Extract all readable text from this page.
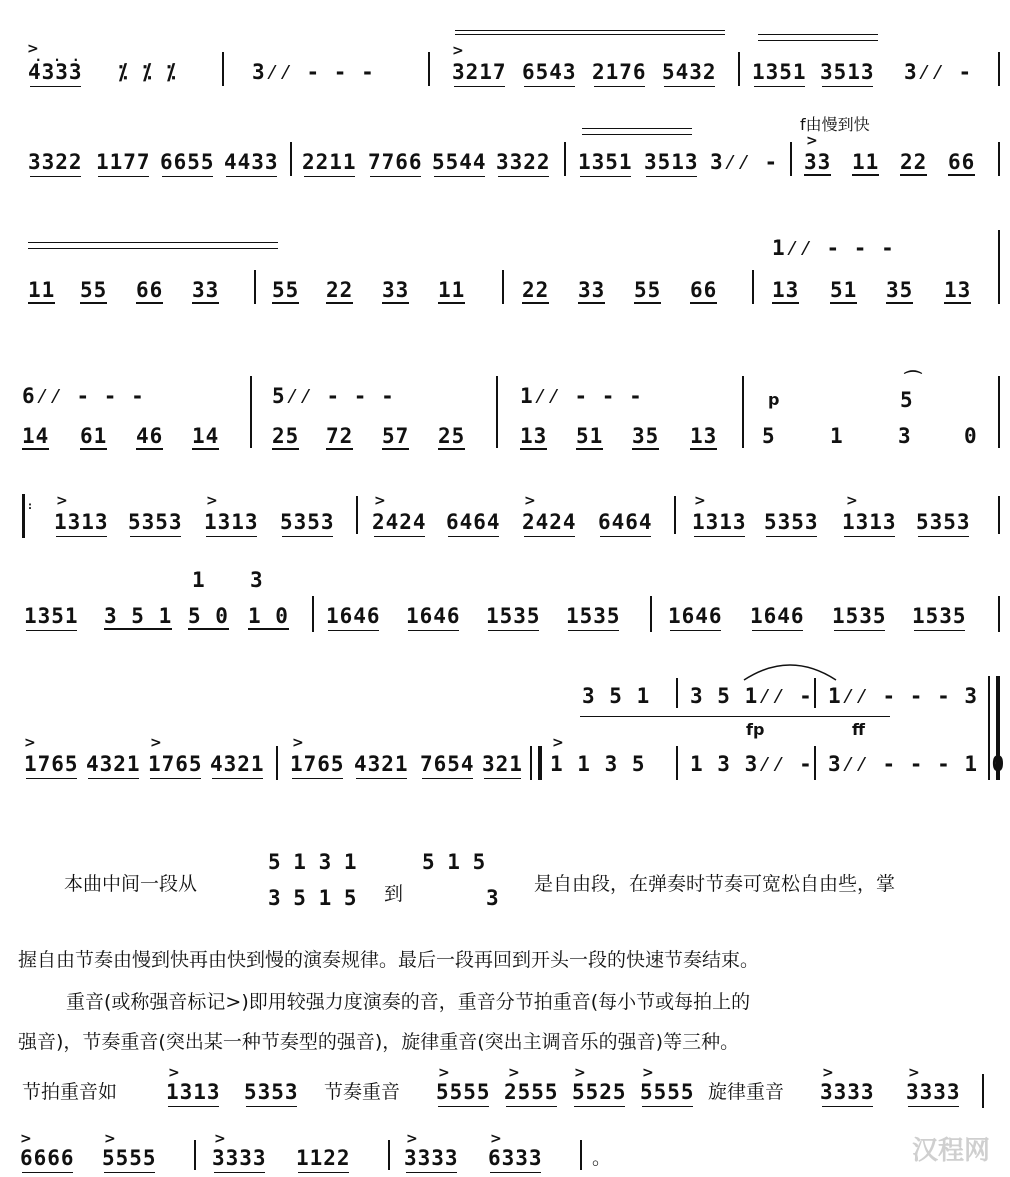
>
. . .
4333 ⁒ ⁒ ⁒	3⁄⁄ - - -
>
3217 6543 2176 5432 1351 3513 3⁄⁄ -
f由慢到快
3322 1177 6655 4433 2211 7766 5544 3322 1351 3513 3⁄⁄ -
>
33 11 22 66
1⁄⁄ - - -
11 55 66 33	55 22 33 11	22 33 55 66	13 51 35 13
6⁄⁄ - - -	5⁄⁄ - - -	1⁄⁄ - - -
⌒
5
p
14 61 46 14	25 72 57 25	13 51 35 13 5	1	3 0
: >
1313 5353
>
1313 5353
>
2424 6464
>
2424 6464
>
1313 5353
>
1313 5353
1 3
1351 3 5 1 5 0 1 0 1646 1646 1535 1535 1646 1646 1535 1535
3 5 1 3 5 1⁄⁄ - 1⁄⁄ - - - 3
fp	ff
>
1765 4321
>
1765 4321
>
1765 4321 7654 321
>
1 1 3 5 1 3 3⁄⁄ - 3⁄⁄ - - - 1 0
本曲中间一段从
5 1 3 1
3 5 1 5 到
5 1 5
3
是自由段，在弹奏时节奏可宽松自由些，掌
握自由节奏由慢到快再由快到慢的演奏规律。最后一段再回到开头一段的快速节奏结束。
重音(或称强音标记>)即用较强力度演奏的音，重音分节拍重音(每小节或每拍上的
强音)，节奏重音(突出某一种节奏型的强音)，旋律重音(突出主调音乐的强音)等三种。
节拍重音如
>
1313 5353 节奏重音
>
5555
>
2555
>
5525
>
5555 旋律重音
>
3333
>
3333
>
6666
>
5555
>
3333 1122
>
3333
>
6333	。	汉程网
